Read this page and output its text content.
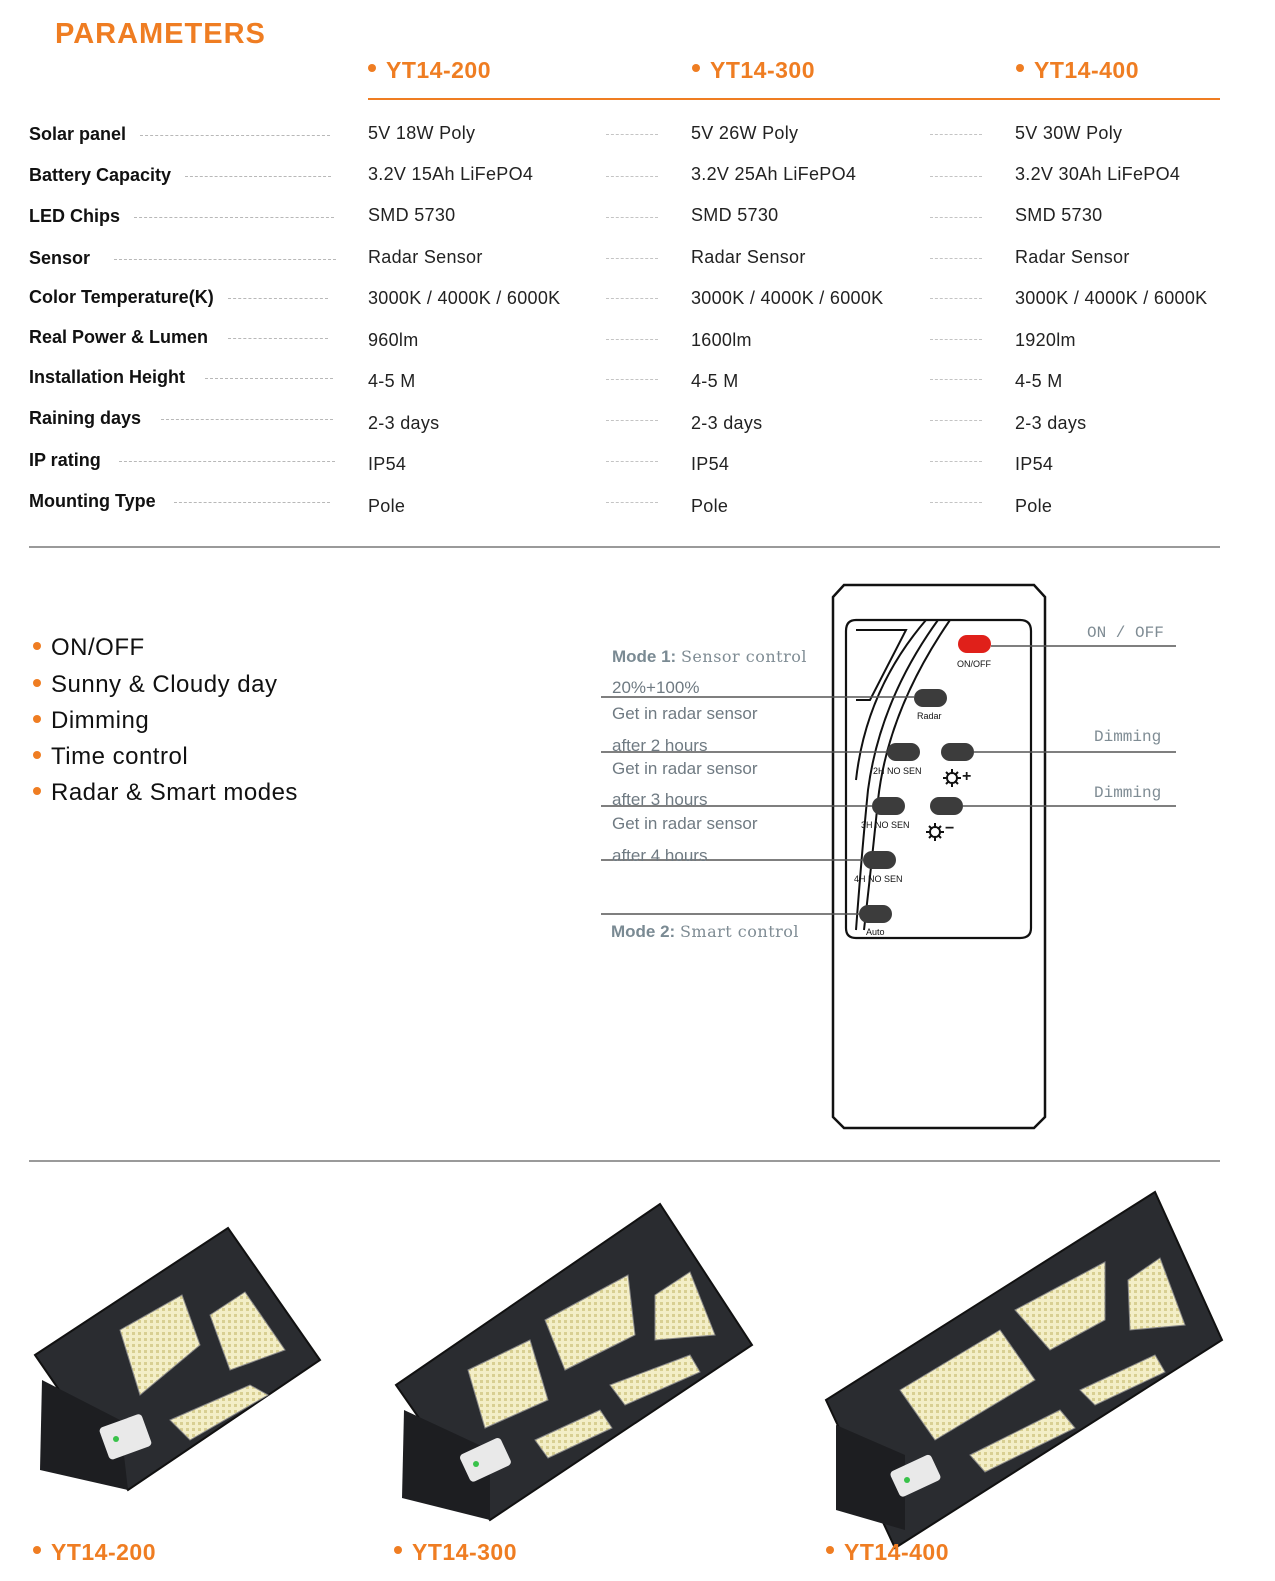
PARAMETERS
YT14-200	YT14-300	YT14-400
Solar panel	5V 18W Poly	5V 26W Poly	5V 30W Poly
Battery Capacity	3.2V 15Ah LiFePO4	3.2V 25Ah LiFePO4	3.2V 30Ah LiFePO4
LED Chips	SMD 5730	SMD 5730	SMD 5730
Sensor	Radar Sensor	Radar Sensor	Radar Sensor
Color Temperature(K)	3000K / 4000K / 6000K	3000K / 4000K / 6000K	3000K / 4000K / 6000K
Real Power & Lumen	960lm	1600lm	1920lm
Installation Height	4-5 M	4-5 M	4-5 M
Raining days	2-3 days	2-3 days	2-3 days
IP rating	IP54	IP54	IP54
Mounting Type	Pole	Pole	Pole
ON/OFF
Sunny & Cloudy day
Dimming
Time control
Radar & Smart modes
ON/OFF
Radar
2H NO SEN
3H NO SEN
4H NO SEN
Auto
+
−
Mode 1: Sensor control
20%+100%
Get in radar sensor
after 2 hours
Get in radar sensor
after 3 hours
Get in radar sensor
after 4 hours
Mode 2: Smart control
ON / OFF
Dimming
Dimming
YT14-200	YT14-300	YT14-400
